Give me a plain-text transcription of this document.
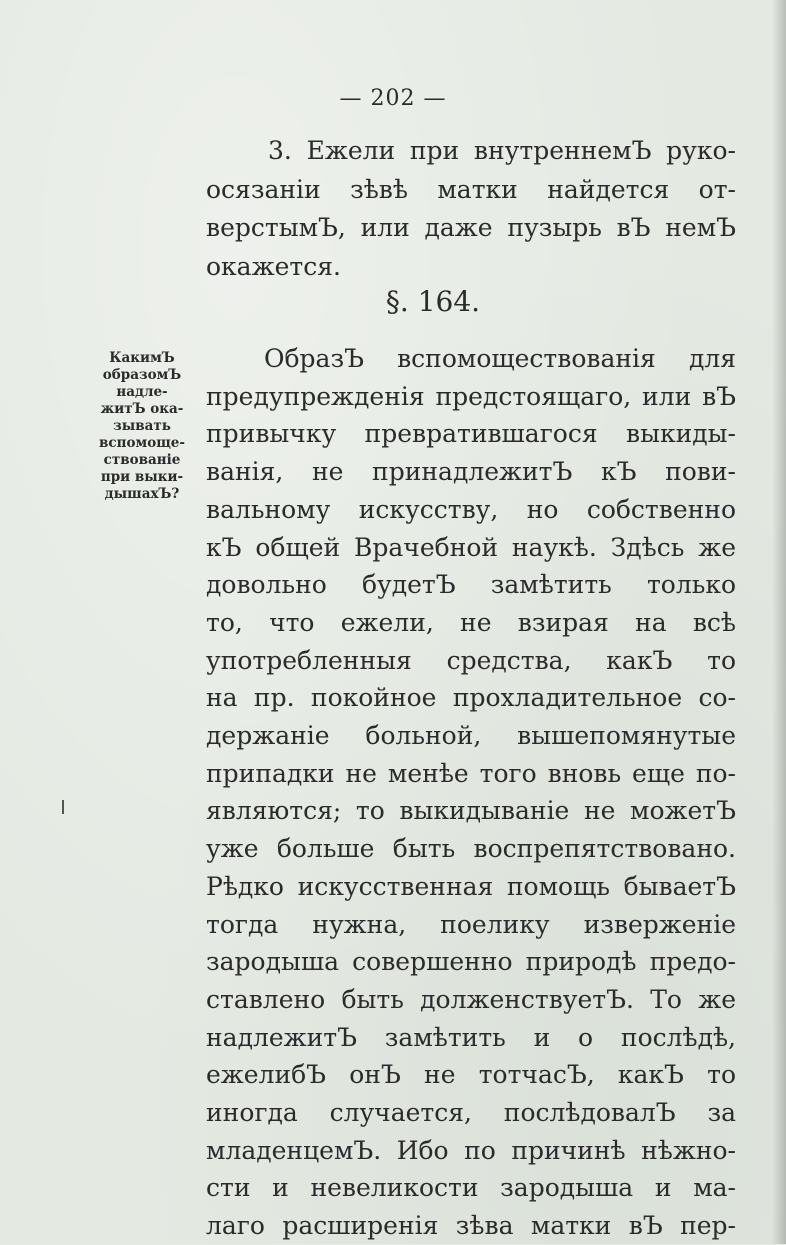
— 202 —
3. Ежели при внутреннемЪ руко-
осязаніи зѣвѣ матки найдется от-
верстымЪ, или даже пузырь вЪ немЪ
окажется.
§. 164.
КакимЪ
образомЪ
надле-
житЪ ока-
зывать
вспомоще-
ствованіе
при выки-
дышахЪ?
ОбразЪ вспомоществованія для
предупрежденія предстоящаго, или вЪ
привычку превратившагося выкиды-
ванія, не принадлежитЪ кЪ пови-
вальному искусству, но собственно
кЪ общей Врачебной наукѣ. Здѣсь же
довольно будетЪ замѣтить только
то, что ежели, не взирая на всѣ
употребленныя средства, какЪ то
на пр. покойное прохладительное со-
держаніе больной, вышепомянутые
припадки не менѣе того вновь еще по-
являются; то выкидываніе не можетЪ
уже больше быть воспрепятствовано.
Рѣдко искусственная помощь бываетЪ
тогда нужна, поелику изверженіе
зародыша совершенно природѣ предо-
ставлено быть долженствуетЪ. То же
надлежитЪ замѣтить и о послѣдѣ,
ежелибЪ онЪ не тотчасЪ, какЪ то
иногда случается, послѣдовалЪ за
младенцемЪ. Ибо по причинѣ нѣжно-
сти и невеликости зародыша и ма-
лаго расширенія зѣва матки вЪ пер-
